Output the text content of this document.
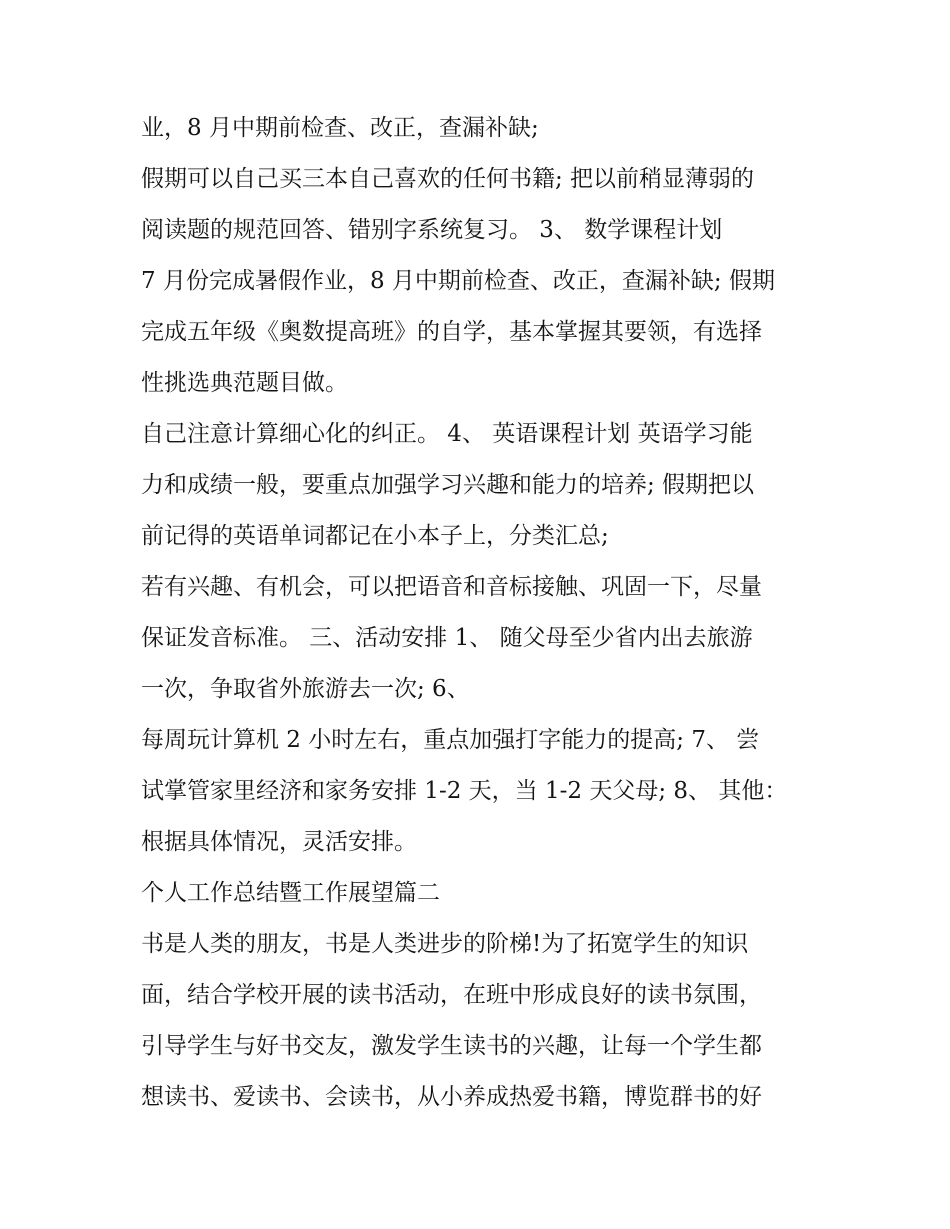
业，8 月中期前检查、改正，查漏补缺;
假期可以自己买三本自己喜欢的任何书籍; 把以前稍显薄弱的
阅读题的规范回答、错别字系统复习。 3、 数学课程计划
7 月份完成暑假作业，8 月中期前检查、改正，查漏补缺; 假期
完成五年级《奥数提高班》的自学，基本掌握其要领，有选择
性挑选典范题目做。
自己注意计算细心化的纠正。 4、 英语课程计划 英语学习能
力和成绩一般，要重点加强学习兴趣和能力的培养; 假期把以
前记得的英语单词都记在小本子上，分类汇总;
若有兴趣、有机会，可以把语音和音标接触、巩固一下，尽量
保证发音标准。 三、活动安排 1、 随父母至少省内出去旅游
一次，争取省外旅游去一次; 6、
每周玩计算机 2 小时左右，重点加强打字能力的提高; 7、 尝
试掌管家里经济和家务安排 1-2 天，当 1-2 天父母; 8、 其他：
根据具体情况，灵活安排。
个人工作总结暨工作展望篇二
书是人类的朋友，书是人类进步的阶梯!为了拓宽学生的知识
面，结合学校开展的读书活动，在班中形成良好的读书氛围，
引导学生与好书交友，激发学生读书的兴趣，让每一个学生都
想读书、爱读书、会读书，从小养成热爱书籍，博览群书的好
